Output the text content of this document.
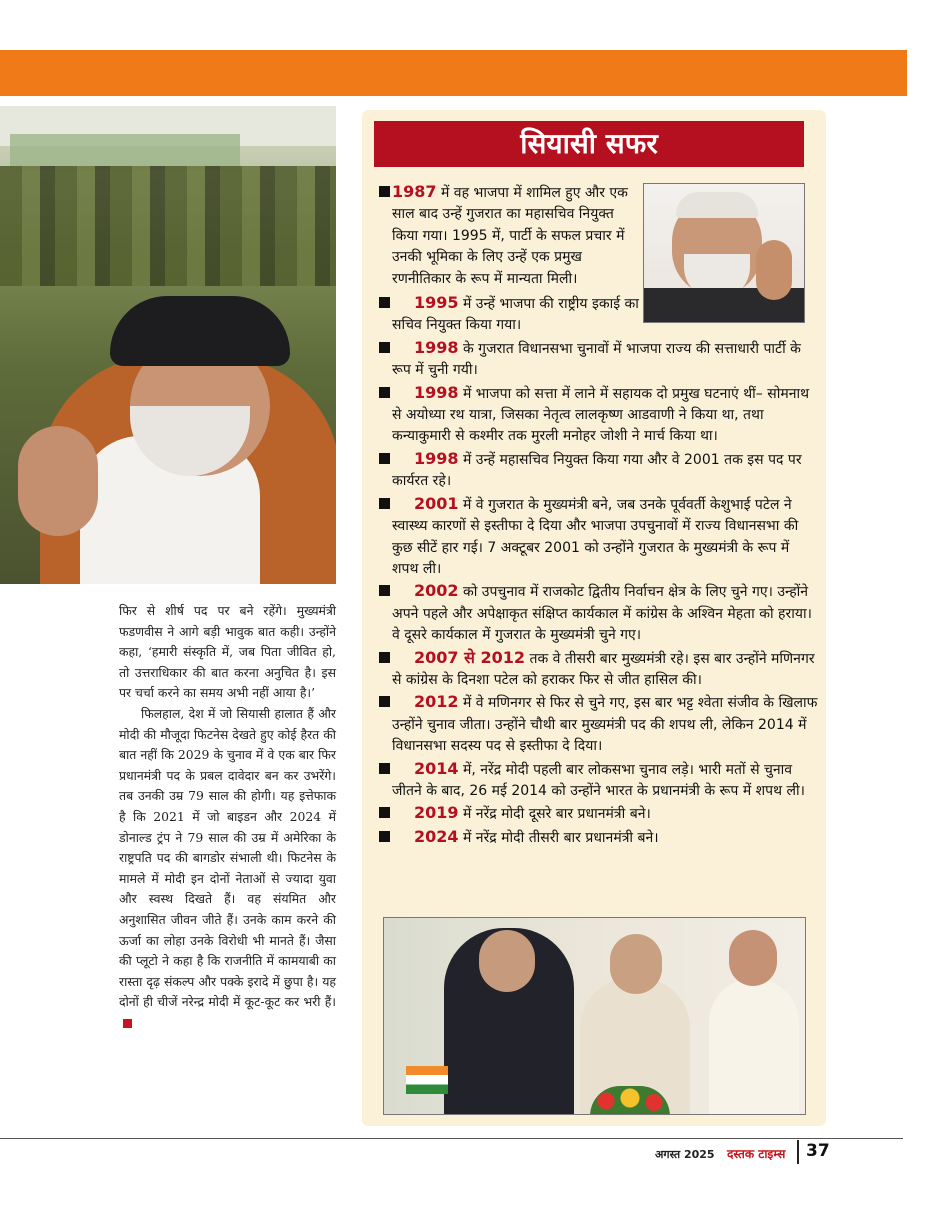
फिर से शीर्ष पद पर बने रहेंगे। मुख्यमंत्री फडणवीस ने आगे बड़ी भावुक बात कही। उन्होंने कहा, ‘हमारी संस्कृति में, जब पिता जीवित हो, तो उत्तराधिकार की बात करना अनुचित है। इस पर चर्चा करने का समय अभी नहीं आया है।’

फिलहाल, देश में जो सियासी हालात हैं और मोदी की मौजूदा फिटनेस देखते हुए कोई हैरत की बात नहीं कि 2029 के चुनाव में वे एक बार फिर प्रधानमंत्री पद के प्रबल दावेदार बन कर उभरेंगे। तब उनकी उम्र 79 साल की होगी। यह इत्तेफाक है कि 2021 में जो बाइडन और 2024 में डोनाल्ड ट्रंप ने 79 साल की उम्र में अमेरिका के राष्ट्रपति पद की बागडोर संभाली थी। फिटनेस के मामले में मोदी इन दोनों नेताओं से ज्यादा युवा और स्वस्थ दिखते हैं। वह संयमित और अनुशासित जीवन जीते हैं। उनके काम करने की ऊर्जा का लोहा उनके विरोधी भी मानते हैं। जैसा की प्लूटो ने कहा है कि राजनीति में कामयाबी का रास्ता दृढ़ संकल्प और पक्के इरादे में छुपा है। यह दोनों ही चीजें नरेन्द्र मोदी में कूट-कूट कर भरी हैं।

सियासी सफर

1987 में वह भाजपा में शामिल हुए और एक साल बाद उन्हें गुजरात का महासचिव नियुक्त किया गया। 1995 में, पार्टी के सफल प्रचार में उनकी भूमिका के लिए उन्हें एक प्रमुख रणनीतिकार के रूप में मान्यता मिली।

1995 में उन्हें भाजपा की राष्ट्रीय इकाई का सचिव नियुक्त किया गया।

1998 के गुजरात विधानसभा चुनावों में भाजपा राज्य की सत्ताधारी पार्टी के रूप में चुनी गयी।

1998 में भाजपा को सत्ता में लाने में सहायक दो प्रमुख घटनाएं थीं– सोमनाथ से अयोध्या रथ यात्रा, जिसका नेतृत्व लालकृष्ण आडवाणी ने किया था, तथा कन्याकुमारी से कश्मीर तक मुरली मनोहर जोशी ने मार्च किया था।

1998 में उन्हें महासचिव नियुक्त किया गया और वे 2001 तक इस पद पर कार्यरत रहे।

2001 में वे गुजरात के मुख्यमंत्री बने, जब उनके पूर्ववर्ती केशुभाई पटेल ने स्वास्थ्य कारणों से इस्तीफा दे दिया और भाजपा उपचुनावों में राज्य विधानसभा की कुछ सीटें हार गई। 7 अक्टूबर 2001 को उन्होंने गुजरात के मुख्यमंत्री के रूप में शपथ ली।

2002 को उपचुनाव में राजकोट द्वितीय निर्वाचन क्षेत्र के लिए चुने गए। उन्होंने अपने पहले और अपेक्षाकृत संक्षिप्त कार्यकाल में कांग्रेस के अश्विन मेहता को हराया। वे दूसरे कार्यकाल में गुजरात के मुख्यमंत्री चुने गए।

2007 से 2012 तक वे तीसरी बार मुख्यमंत्री रहे। इस बार उन्होंने मणिनगर से कांग्रेस के दिनशा पटेल को हराकर फिर से जीत हासिल की।

2012 में वे मणिनगर से फिर से चुने गए, इस बार भट्ट श्वेता संजीव के खिलाफ उन्होंने चुनाव जीता। उन्होंने चौथी बार मुख्यमंत्री पद की शपथ ली, लेकिन 2014 में विधानसभा सदस्य पद से इस्तीफा दे दिया।

2014 में, नरेंद्र मोदी पहली बार लोकसभा चुनाव लड़े। भारी मतों से चुनाव जीतने के बाद, 26 मई 2014 को उन्होंने भारत के प्रधानमंत्री के रूप में शपथ ली।

2019 में नरेंद्र मोदी दूसरे बार प्रधानमंत्री बने।

2024 में नरेंद्र मोदी तीसरी बार प्रधानमंत्री बने।

अगस्त 2025 दस्तक टाइम्स 37
